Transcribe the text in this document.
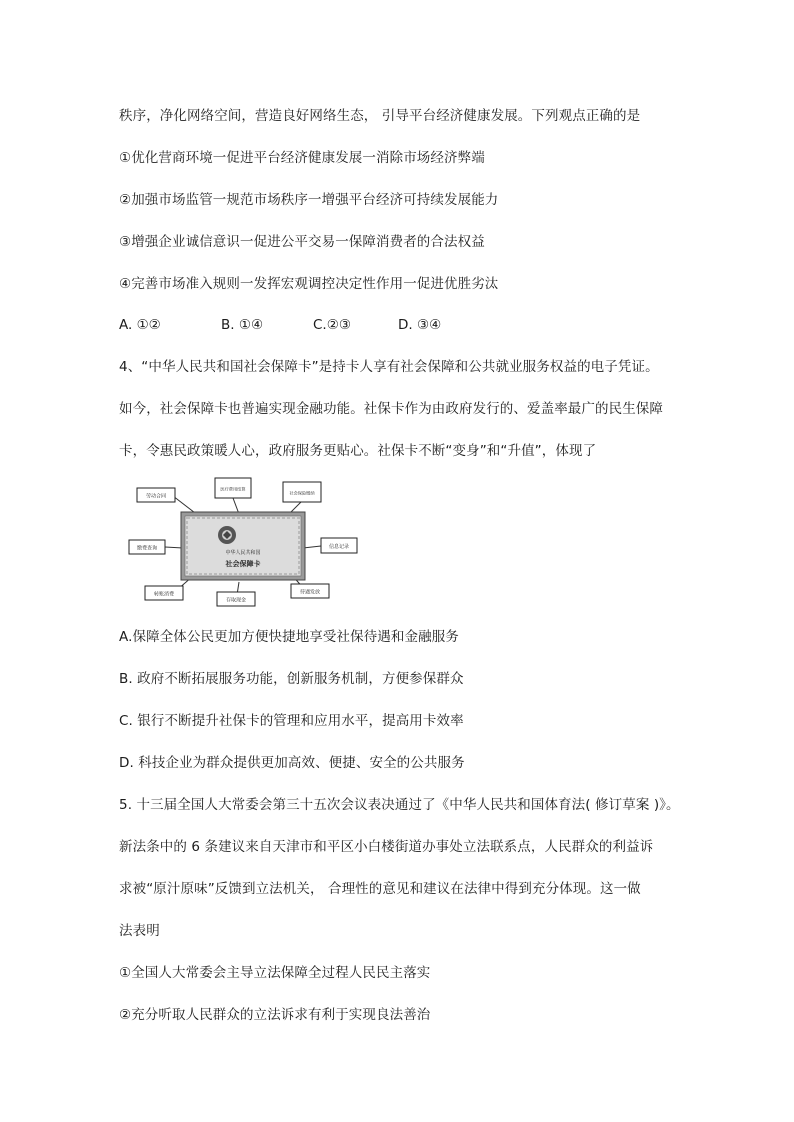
秩序，净化网络空间，营造良好网络生态， 引导平台经济健康发展。下列观点正确的是
①优化营商环境一促进平台经济健康发展一消除市场经济弊端
②加强市场监管一规范市场秩序一增强平台经济可持续发展能力
③增强企业诚信意识一促进公平交易一保障消费者的合法权益
④完善市场准入规则一发挥宏观调控决定性作用一促进优胜劣汰
A. ①②	B. ①④	C.②③	D. ③④
4、“中华人民共和国社会保障卡”是持卡人享有社会保障和公共就业服务权益的电子凭证。
如今，社会保障卡也普遍实现金融功能。社保卡作为由政府发行的、爱盖率最广的民生保障
卡，令惠民政策暖人心，政府服务更贴心。社保卡不断“变身”和“升值”，体现了
中华人民共和国
社会保障卡
劳动合同
医疗费用结算
社会保险缴纳
信息记录
待遇发放
存取现金
转账消费
缴费查询
A.保障全体公民更加方便快捷地享受社保待遇和金融服务
B. 政府不断拓展服务功能，创新服务机制，方便参保群众
C. 银行不断提升社保卡的管理和应用水平，提高用卡效率
D. 科技企业为群众提供更加高效、便捷、安全的公共服务
5. 十三届全国人大常委会第三十五次会议表决通过了《中华人民共和国体育法( 修订草案 )》。
新法条中的 6 条建议来自天津市和平区小白楼街道办事处立法联系点，人民群众的利益诉
求被“原汁原味”反馈到立法机关， 合理性的意见和建议在法律中得到充分体现。这一做
法表明
①全国人大常委会主导立法保障全过程人民民主落实
②充分听取人民群众的立法诉求有利于实现良法善治
